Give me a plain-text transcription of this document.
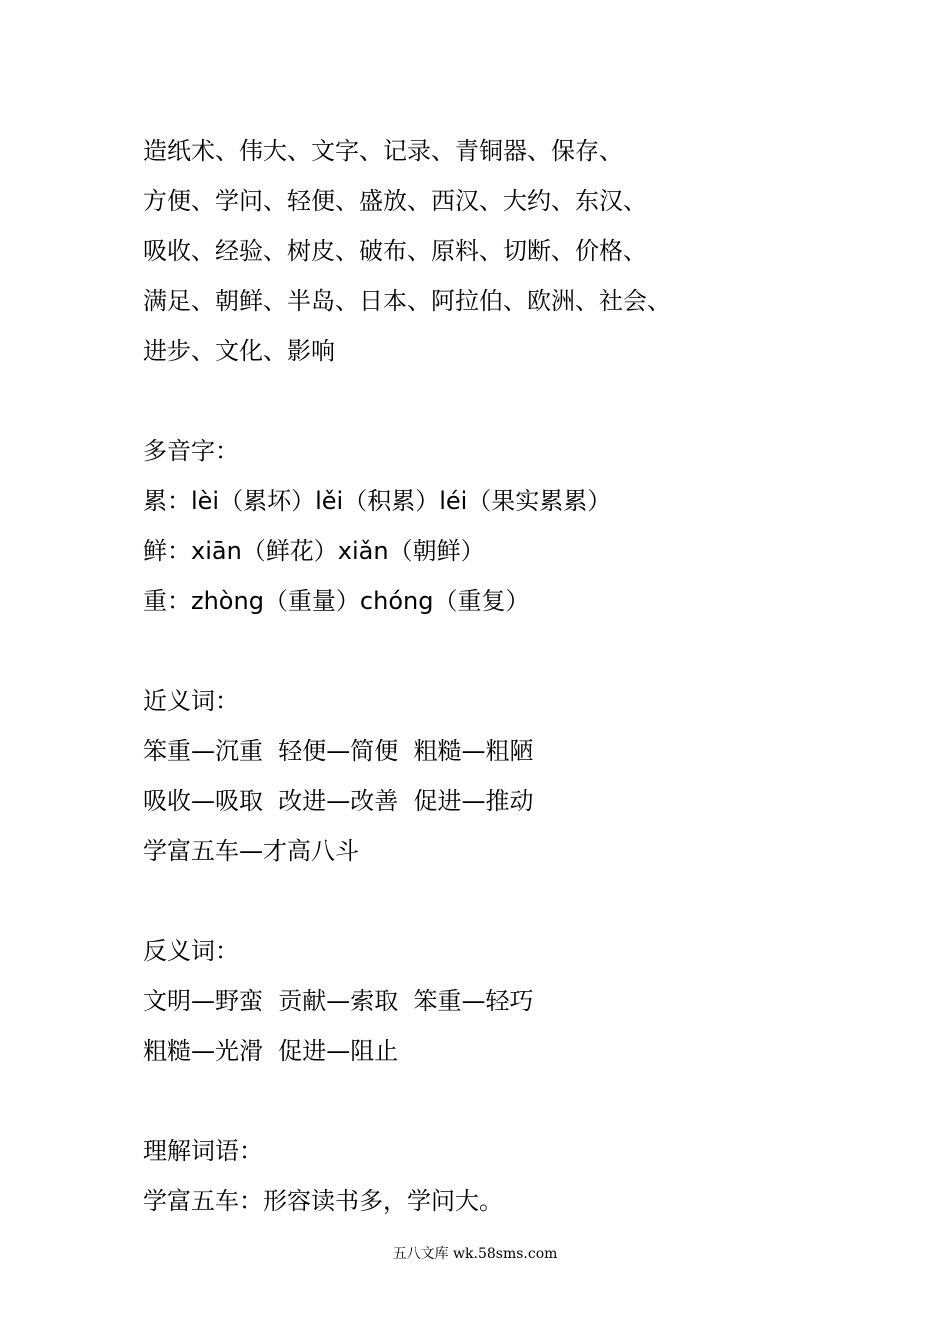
造纸术、伟大、文字、记录、青铜器、保存、
方便、学问、轻便、盛放、西汉、大约、东汉、
吸收、经验、树皮、破布、原料、切断、价格、
满足、朝鲜、半岛、日本、阿拉伯、欧洲、社会、
进步、文化、影响
多音字：
累：lèi（累坏）lěi（积累）léi（果实累累）
鲜：xiān（鲜花）xiǎn（朝鲜）
重：zhòng（重量）chóng（重复）
近义词：
笨重—沉重  轻便—简便  粗糙—粗陋
吸收—吸取  改进—改善  促进—推动
学富五车—才高八斗
反义词：
文明—野蛮  贡献—索取  笨重—轻巧
粗糙—光滑  促进—阻止
理解词语：
学富五车：形容读书多，学问大。
五八文库 wk.58sms.com
